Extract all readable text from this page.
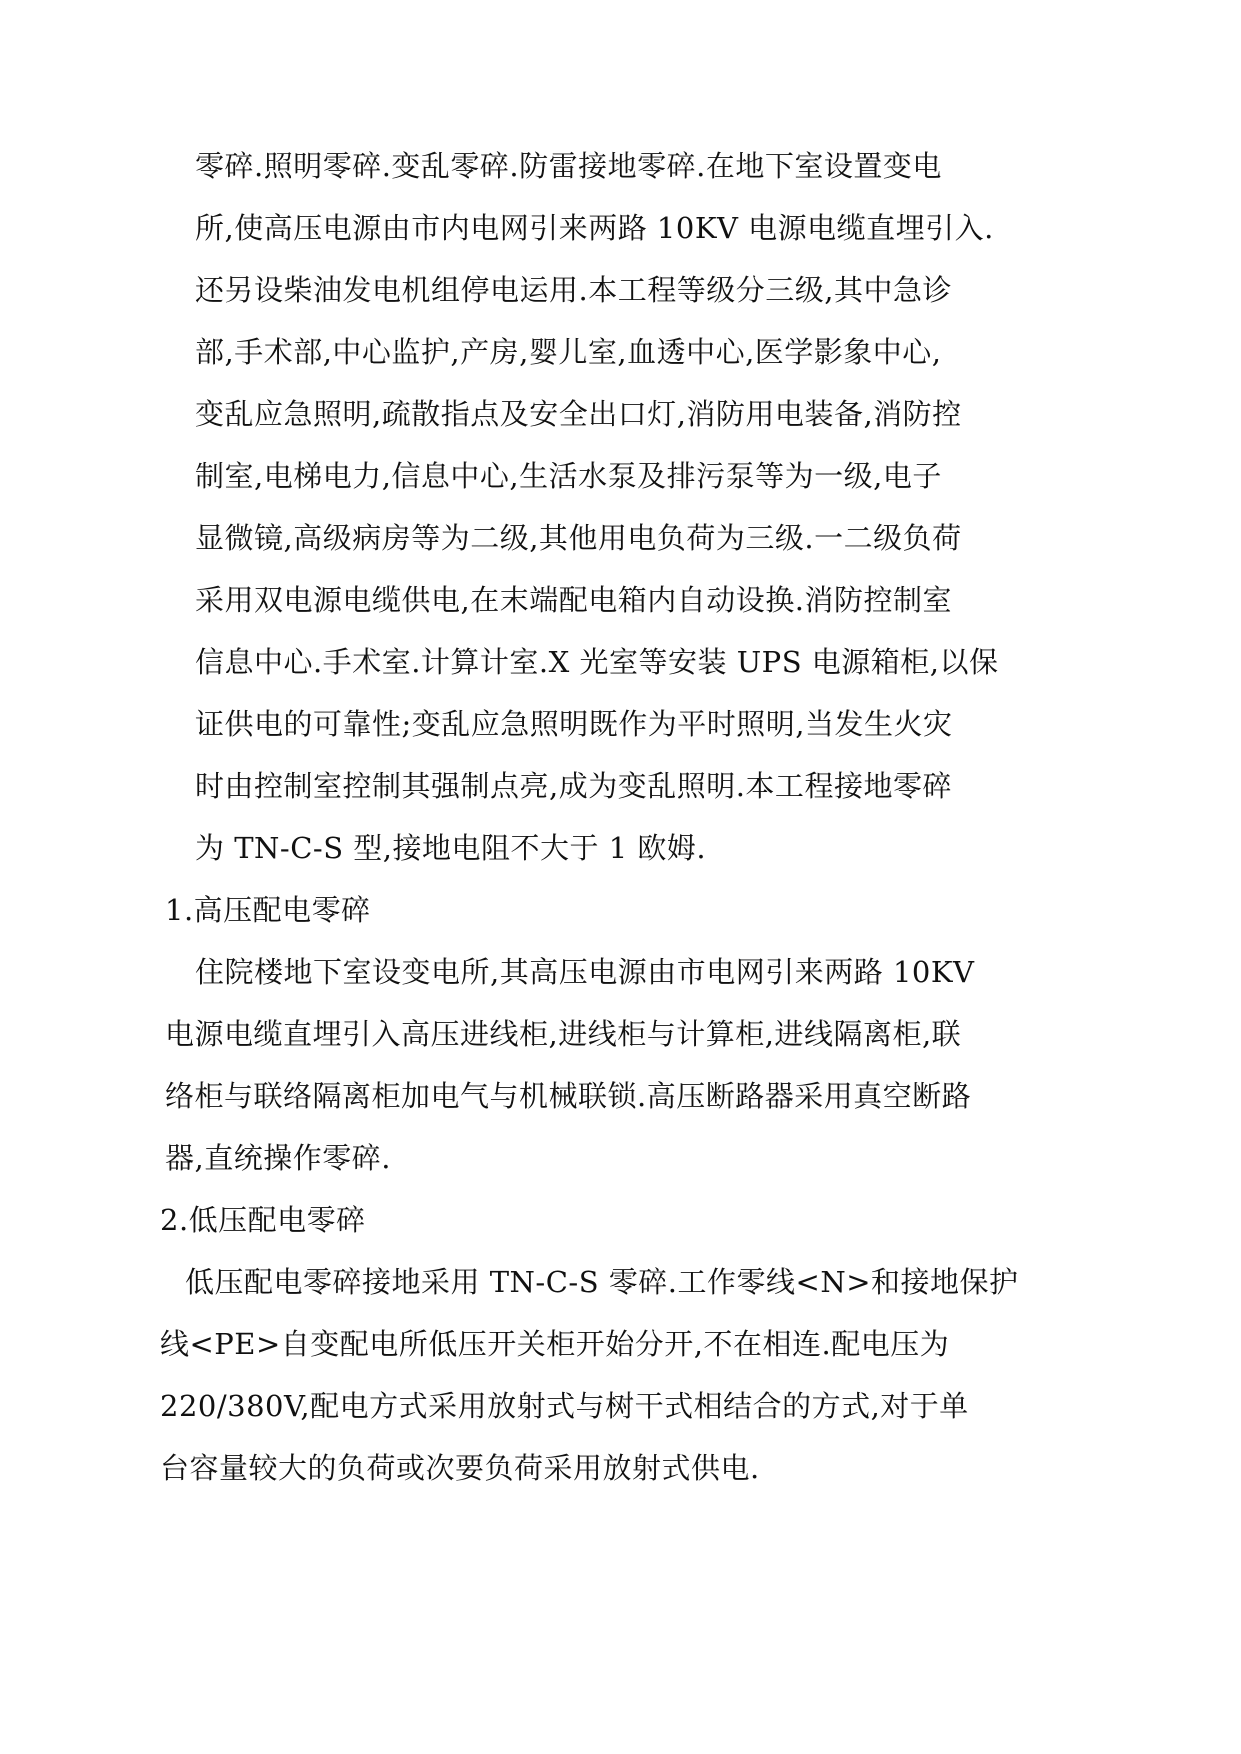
零碎.照明零碎.变乱零碎.防雷接地零碎.在地下室设置变电
所,使高压电源由市内电网引来两路 10KV 电源电缆直埋引入.
还另设柴油发电机组停电运用.本工程等级分三级,其中急诊
部,手术部,中心监护,产房,婴儿室,血透中心,医学影象中心,
变乱应急照明,疏散指点及安全出口灯,消防用电装备,消防控
制室,电梯电力,信息中心,生活水泵及排污泵等为一级,电子
显微镜,高级病房等为二级,其他用电负荷为三级.一二级负荷
采用双电源电缆供电,在末端配电箱内自动设换.消防控制室
信息中心.手术室.计算计室.X 光室等安装 UPS 电源箱柜,以保
证供电的可靠性;变乱应急照明既作为平时照明,当发生火灾
时由控制室控制其强制点亮,成为变乱照明.本工程接地零碎
为 TN-C-S 型,接地电阻不大于 1 欧姆.
1.高压配电零碎
住院楼地下室设变电所,其高压电源由市电网引来两路 10KV
电源电缆直埋引入高压进线柜,进线柜与计算柜,进线隔离柜,联
络柜与联络隔离柜加电气与机械联锁.高压断路器采用真空断路
器,直统操作零碎.
2.低压配电零碎
低压配电零碎接地采用 TN-C-S 零碎.工作零线<N>和接地保护
线<PE>自变配电所低压开关柜开始分开,不在相连.配电压为
220/380V,配电方式采用放射式与树干式相结合的方式,对于单
台容量较大的负荷或次要负荷采用放射式供电.
